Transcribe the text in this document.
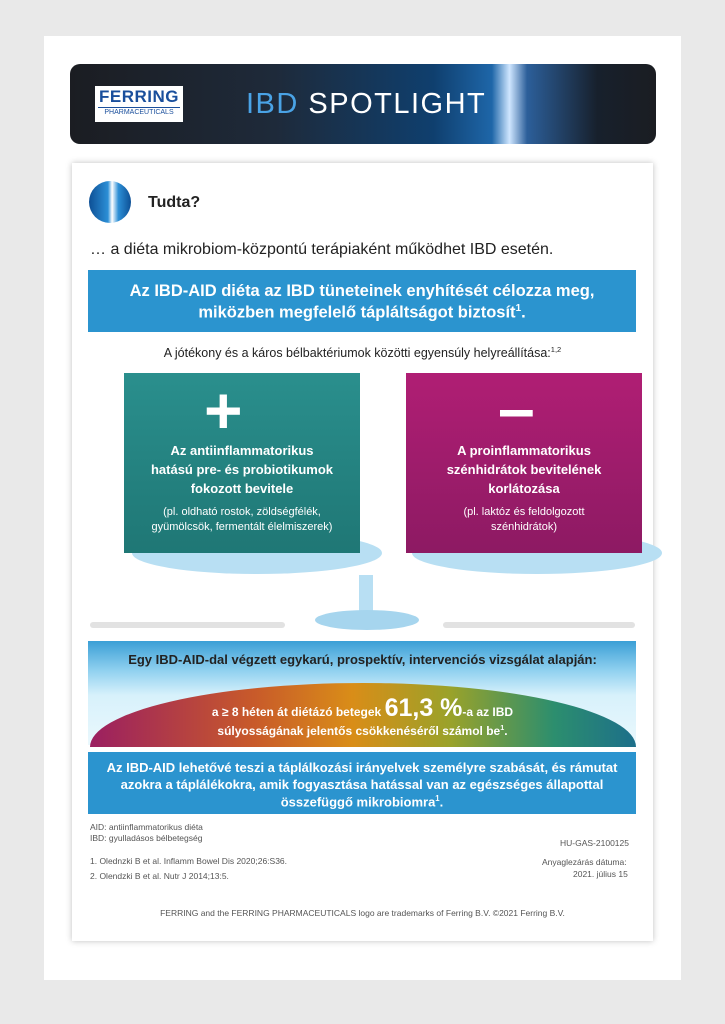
FERRING
PHARMACEUTICALS IBD SPOTLIGHT
Tudta?
… a diéta mikrobiom-központú terápiaként működhet IBD esetén.
Az IBD-AID diéta az IBD tüneteinek enyhítését célozza meg,
miközben megfelelő tápláltságot biztosít$^1$.
A jótékony és a káros bélbaktériumok közötti egyensúly helyreállítása:$^{1,2}$
+
Az antiinflammatorikus
hatású pre- és probiotikumok
fokozott bevitele
(pl. oldható rostok, zöldségfélék,
gyümölcsök, fermentált élelmiszerek)
–
A proinflammatorikus
szénhidrátok bevitelének
korlátozása
(pl. laktóz és feldolgozott
szénhidrátok)
Egy IBD-AID-dal végzett egykarú, prospektív, intervenciós vizsgálat alapján:
a ≥ 8 héten át diétázó betegek 61,3 %-a az IBD
súlyosságának jelentős csökkenéséről számol $be^1$.
Az IBD-AID lehetővé teszi a táplálkozási irányelvek személyre szabását, és rámutat
azokra a táplálékokra, amik fogyasztása hatással van az egészséges állapottal
összefüggő mikrobiomra$^1$.
AID: antiinflammatorikus diéta
IBD: gyulladásos bélbetegség	HU-GAS-2100125
1. Olednzki B et al. Inflamm Bowel Dis 2020;26:S36.
2. Olendzki B et al. Nutr J 2014;13:5.
Anyaglezárás dátuma:
2021. július 15
FERRING and the FERRING PHARMACEUTICALS logo are trademarks of Ferring B.V. ©2021 Ferring B.V.
